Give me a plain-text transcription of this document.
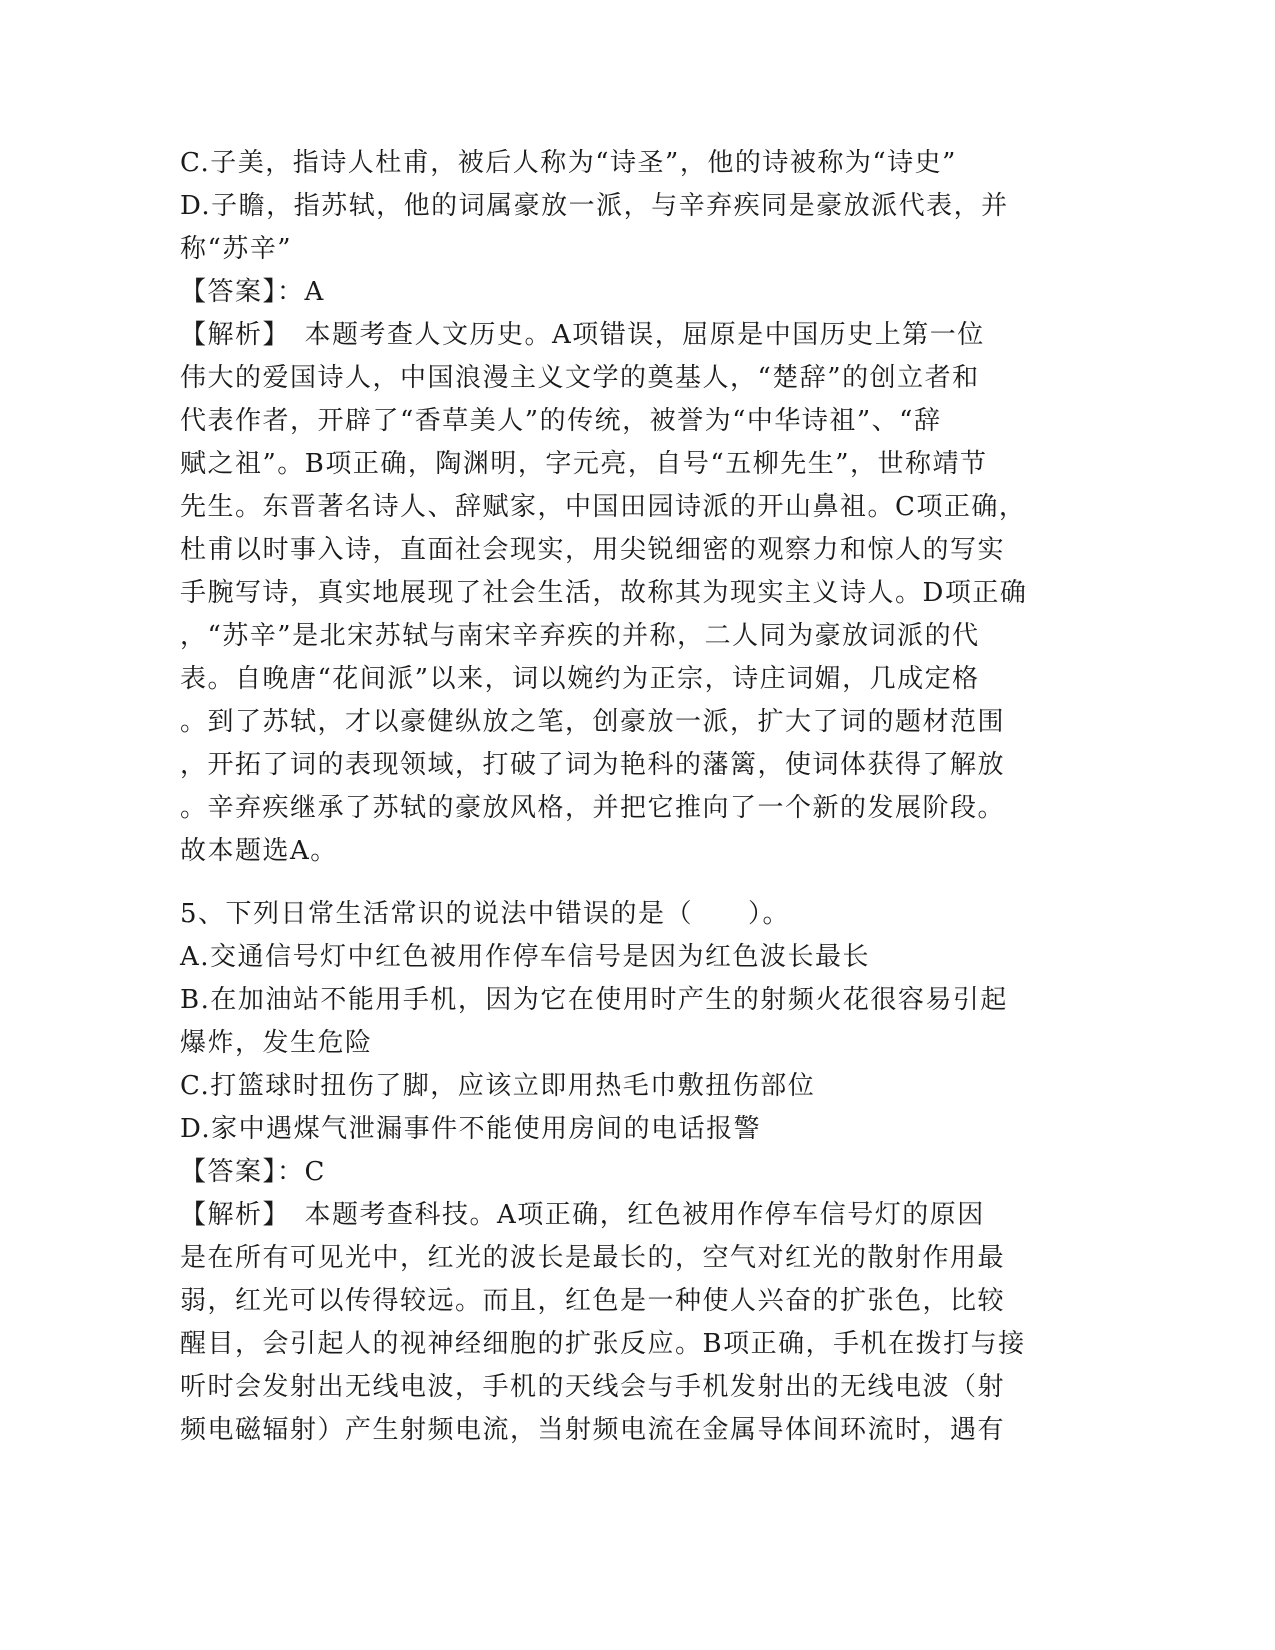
C.子美，指诗人杜甫，被后人称为“诗圣”，他的诗被称为“诗史”
D.子瞻，指苏轼，他的词属豪放一派，与辛弃疾同是豪放派代表，并
称“苏辛”
【答案】：A
【解析】　本题考查人文历史。A项错误，屈原是中国历史上第一位
伟大的爱国诗人，中国浪漫主义文学的奠基人，“楚辞”的创立者和
代表作者，开辟了“香草美人”的传统，被誉为“中华诗祖”、“辞
赋之祖”。B项正确，陶渊明，字元亮，自号“五柳先生”，世称靖节
先生。东晋著名诗人、辞赋家，中国田园诗派的开山鼻祖。C项正确，
杜甫以时事入诗，直面社会现实，用尖锐细密的观察力和惊人的写实
手腕写诗，真实地展现了社会生活，故称其为现实主义诗人。D项正确
，“苏辛”是北宋苏轼与南宋辛弃疾的并称，二人同为豪放词派的代
表。自晚唐“花间派”以来，词以婉约为正宗，诗庄词媚，几成定格
。到了苏轼，才以豪健纵放之笔，创豪放一派，扩大了词的题材范围
，开拓了词的表现领域，打破了词为艳科的藩篱，使词体获得了解放
。辛弃疾继承了苏轼的豪放风格，并把它推向了一个新的发展阶段。
故本题选A。
5、下列日常生活常识的说法中错误的是（　　）。
A.交通信号灯中红色被用作停车信号是因为红色波长最长
B.在加油站不能用手机，因为它在使用时产生的射频火花很容易引起
爆炸，发生危险
C.打篮球时扭伤了脚，应该立即用热毛巾敷扭伤部位
D.家中遇煤气泄漏事件不能使用房间的电话报警
【答案】：C
【解析】　本题考查科技。A项正确，红色被用作停车信号灯的原因
是在所有可见光中，红光的波长是最长的，空气对红光的散射作用最
弱，红光可以传得较远。而且，红色是一种使人兴奋的扩张色，比较
醒目，会引起人的视神经细胞的扩张反应。B项正确，手机在拨打与接
听时会发射出无线电波，手机的天线会与手机发射出的无线电波（射
频电磁辐射）产生射频电流，当射频电流在金属导体间环流时，遇有
